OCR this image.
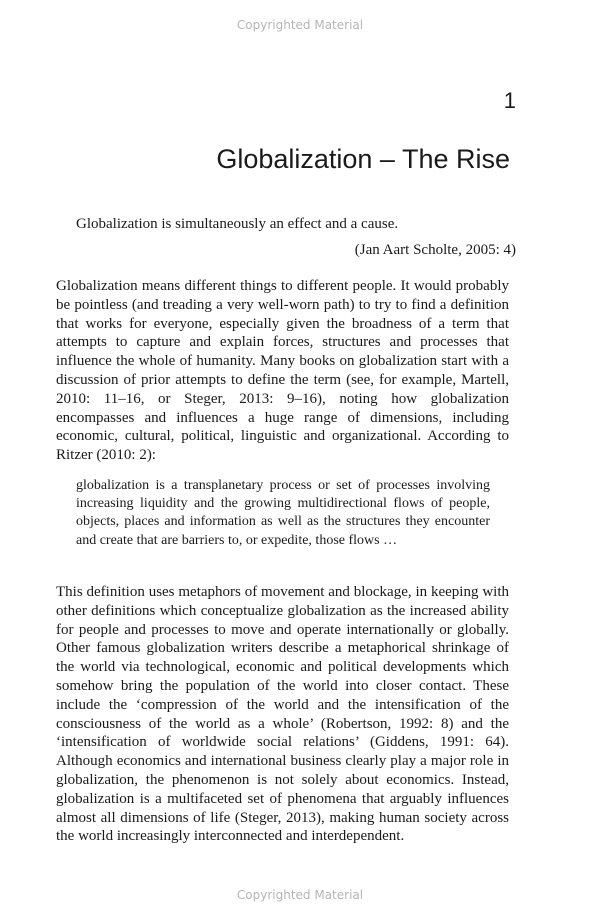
Copyrighted Material
1
Globalization – The Rise
Globalization is simultaneously an effect and a cause.
(Jan Aart Scholte, 2005: 4)

Globalization means different things to different people. It would probably be pointless (and treading a very well-worn path) to try to find a definition that works for everyone, especially given the broadness of a term that attempts to capture and explain forces, structures and processes that influence the whole of humanity. Many books on globalization start with a discussion of prior attempts to define the term (see, for example, Martell, 2010: 11–16, or Steger, 2013: 9–16), noting how globalization encompasses and influences a huge range of dimensions, including economic, cultural, political, linguistic and organizational. According to Ritzer (2010: 2):

globalization is a transplanetary process or set of processes involving increasing liquidity and the growing multidirectional flows of people, objects, places and information as well as the structures they encounter and create that are barriers to, or expedite, those flows …

This definition uses metaphors of movement and blockage, in keeping with other definitions which conceptualize globalization as the increased ability for people and processes to move and operate internationally or globally. Other famous globalization writers describe a metaphorical shrinkage of the world via technological, economic and political developments which somehow bring the population of the world into closer contact. These include the ‘compression of the world and the intensification of the consciousness of the world as a whole’ (Robertson, 1992: 8) and the ‘intensification of worldwide social relations’ (Giddens, 1991: 64). Although economics and international business clearly play a major role in globalization, the phenomenon is not solely about economics. Instead, globalization is a multifaceted set of phenomena that arguably influences almost all dimensions of life (Steger, 2013), making human society across the world increasingly interconnected and interdependent.

Copyrighted Material
